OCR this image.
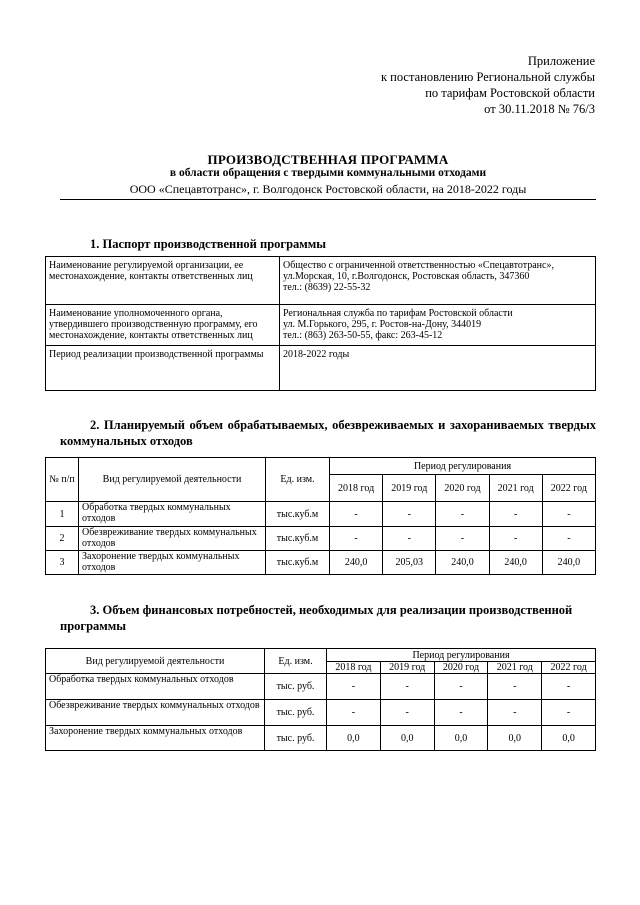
Приложение
к постановлению Региональной службы
по тарифам Ростовской области
от 30.11.2018 № 76/3
ПРОИЗВОДСТВЕННАЯ ПРОГРАММА
в области обращения с твердыми коммунальными отходами
ООО «Спецавтотранс», г. Волгодонск Ростовской области, на 2018-2022 годы
1. Паспорт производственной программы
Наименование регулируемой организации, ее местонахождение, контакты ответственных лиц	Общество с ограниченной ответственностью «Спецавтотранс»,
ул.Морская, 10, г.Волгодонск, Ростовская область, 347360
тел.: (8639) 22-55-32

Наименование уполномоченного органа, утвердившего производственную программу, его местонахождение, контакты ответственных лиц	Региональная служба по тарифам Ростовской области
ул. М.Горького, 295, г. Ростов-на-Дону, 344019
тел.: (863) 263-50-55, факс: 263-45-12

Период реализации производственной программы	2018-2022 годы
2. Планируемый объем обрабатываемых, обезвреживаемых и захораниваемых твердых коммунальных отходов
№ п/п	Вид регулируемой деятельности	Ед. изм.	Период регулирования				
			2018 год	2019 год	2020 год	2021 год	2022 год
1	Обработка твердых коммунальных отходов	тыс.куб.м	-	-	-	-	-
2	Обезвреживание твердых коммунальных отходов	тыс.куб.м	-	-	-	-	-
3	Захоронение твердых коммунальных отходов	тыс.куб.м	240,0	205,03	240,0	240,0	240,0
3. Объем финансовых потребностей, необходимых для реализации производственной программы
Вид регулируемой деятельности	Ед. изм.	Период регулирования				
		2018 год	2019 год	2020 год	2021 год	2022 год
Обработка твердых коммунальных отходов	тыс. руб.	-	-	-	-	-
Обезвреживание твердых коммунальных отходов	тыс. руб.	-	-	-	-	-
Захоронение твердых коммунальных отходов	тыс. руб.	0,0	0,0	0,0	0,0	0,0
